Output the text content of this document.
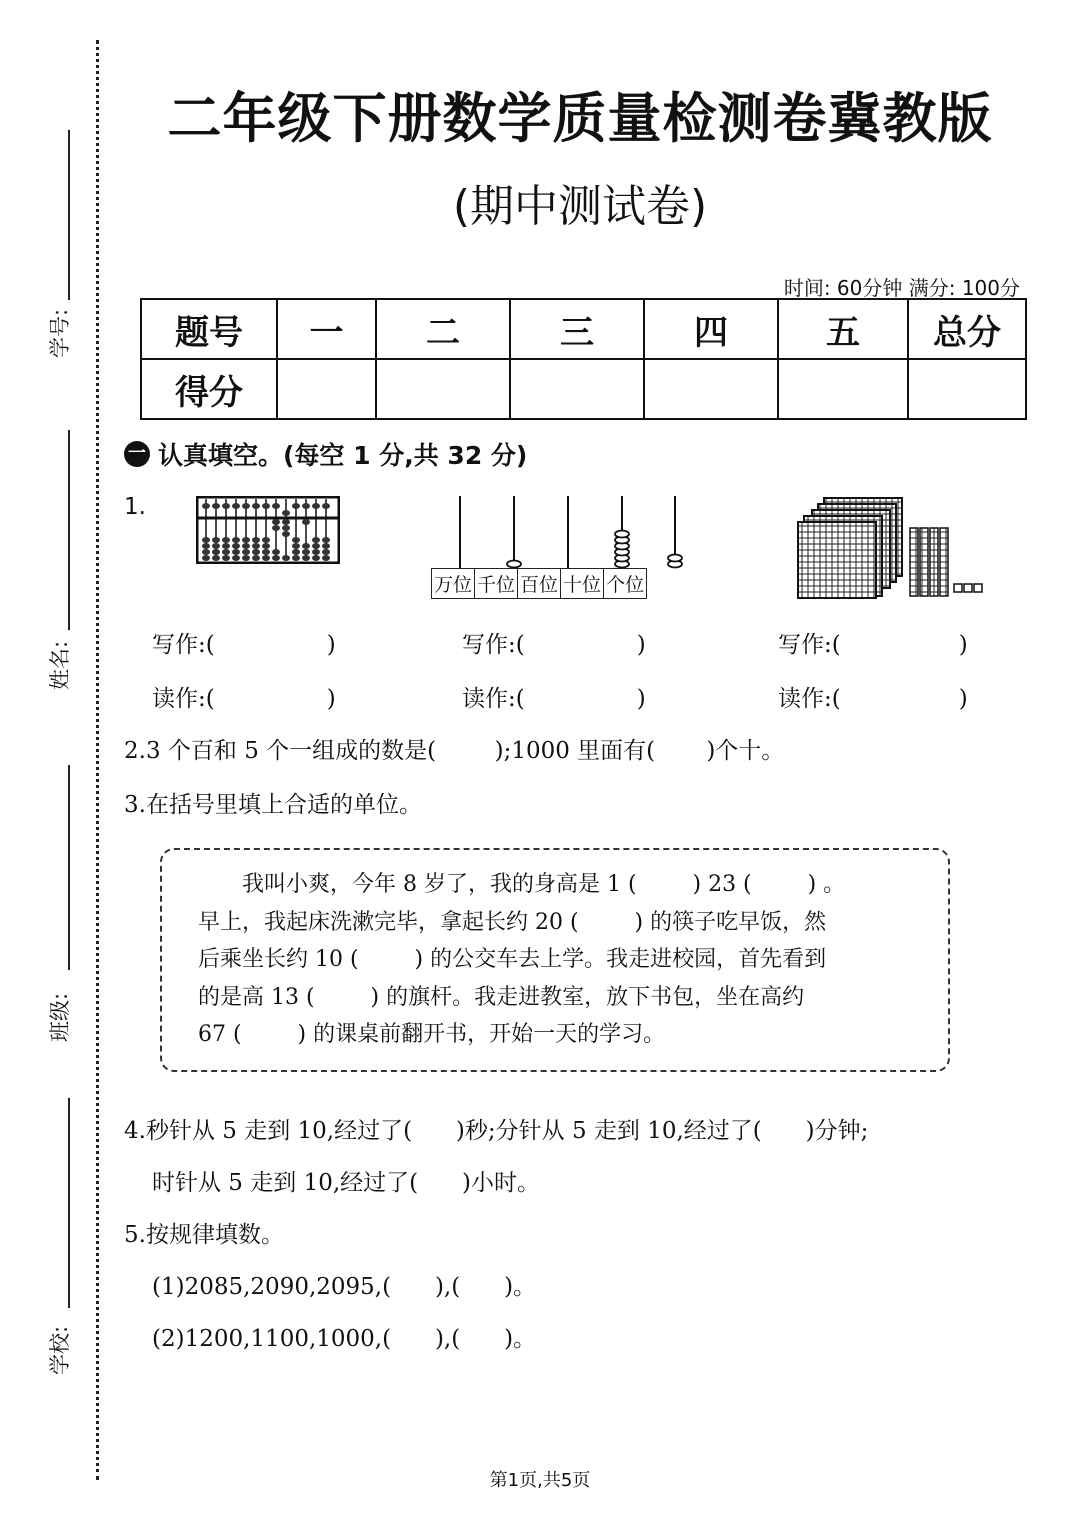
学号:
姓名:
班级:
学校:
二年级下册数学质量检测卷冀教版
(期中测试卷)
时间: 60分钟 满分: 100分
题号	一	二	三	四	五	总分
得分						
一 认真填空。(每空 1 分,共 32 分)
1.
万位 千位 百位 十位 个位
写作:(	)	写作:(	)	写作:(	)
读作:(	)	读作:(	)	读作:(	)
2.3 个百和 5 个一组成的数是(        );1000 里面有(       )个十。
3.在括号里填上合适的单位。
　　我叫小爽，今年 8 岁了，我的身高是 1 (        ) 23 (        ) 。
早上，我起床洗漱完毕，拿起长约 20 (        ) 的筷子吃早饭，然
后乘坐长约 10 (        ) 的公交车去上学。我走进校园，首先看到
的是高 13 (        ) 的旗杆。我走进教室，放下书包，坐在高约
67 (        ) 的课桌前翻开书，开始一天的学习。
4.秒针从 5 走到 10,经过了(      )秒;分针从 5 走到 10,经过了(      )分钟;
时针从 5 走到 10,经过了(      )小时。
5.按规律填数。
(1)2085,2090,2095,(      ),(      )。
(2)1200,1100,1000,(      ),(      )。
第1页,共5页
